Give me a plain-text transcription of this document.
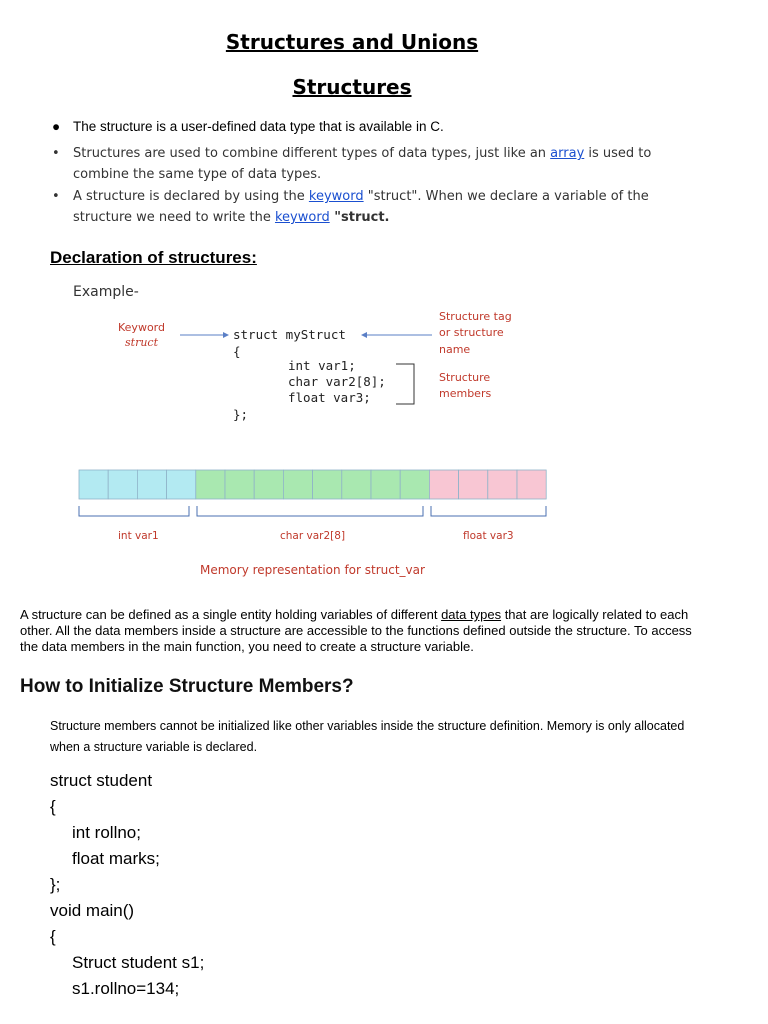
Structures and Unions
Structures
● The structure is a user-defined data type that is available in C.
• Structures are used to combine different types of data types, just like an array is used to combine the same type of data types.
• A structure is declared by using the keyword "struct". When we declare a variable of the structure we need to write the keyword "struct.
Declaration of structures:
Example-
Keyword
struct
struct myStruct
{
int var1;
char var2[8];
float var3;
};
Structure tag
or structure
name
Structure
members
int var1	char var2[8]	float var3
Memory representation for struct_var
A structure can be defined as a single entity holding variables of different data types that are logically related to each other. All the data members inside a structure are accessible to the functions defined outside the structure. To access the data members in the main function, you need to create a structure variable.
How to Initialize Structure Members?
Structure members cannot be initialized like other variables inside the structure definition. Memory is only allocated when a structure variable is declared.
struct student
{
int rollno;
float marks;
};
void main()
{
Struct student s1;
s1.rollno=134;
